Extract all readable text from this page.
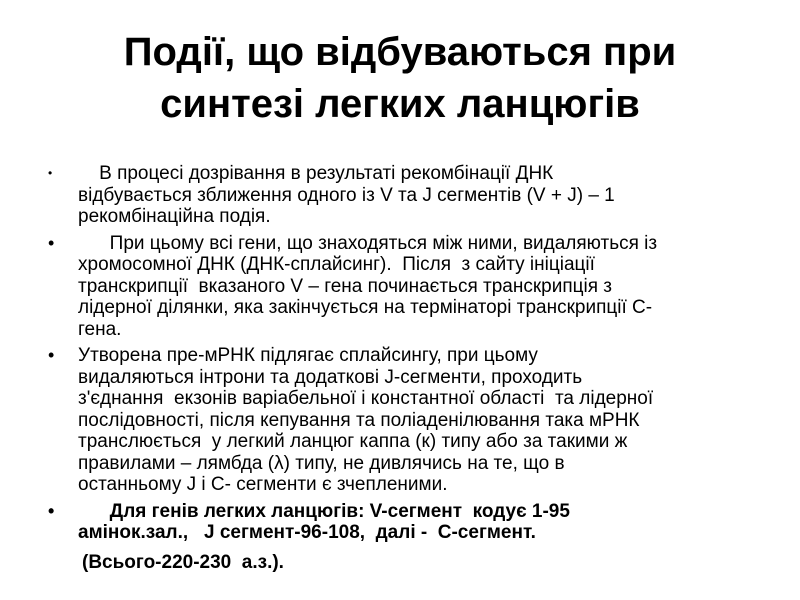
Події, що відбуваються при
синтезі легких ланцюгів
•	В процесі дозрівання в результаті рекомбінації ДНК
відбувається зближення одного із V та J сегментів (V + J) – 1
рекомбінаційна подія.
•	При цьому всі гени, що знаходяться між ними, видаляються із
хромосомної ДНК (ДНК-сплайсинг).  Після  з сайту ініціації
транскрипції  вказаного V – гена починається транскрипція з
лідерної ділянки, яка закінчується на термінаторі транскрипції С-
гена.
•	Утворена пре-мРНК підлягає сплайсингу, при цьому
видаляються інтрони та додаткові J-сегменти, проходить
з'єднання  екзонів варіабельної і константної області  та лідерної
послідовності, після кепування та поліаденілювання така мРНК
транслюється  у легкий ланцюг каппа (к) типу або за такими ж
правилами – лямбда (λ) типу, не дивлячись на те, що в
останньому J і С- сегменти є зчепленими.
•	Для генів легких ланцюгів: V-сегмент  кодує 1-95
амінок.зал.,   J сегмент-96-108,  далі -  С-сегмент.
(Всього-220-230  а.з.).
